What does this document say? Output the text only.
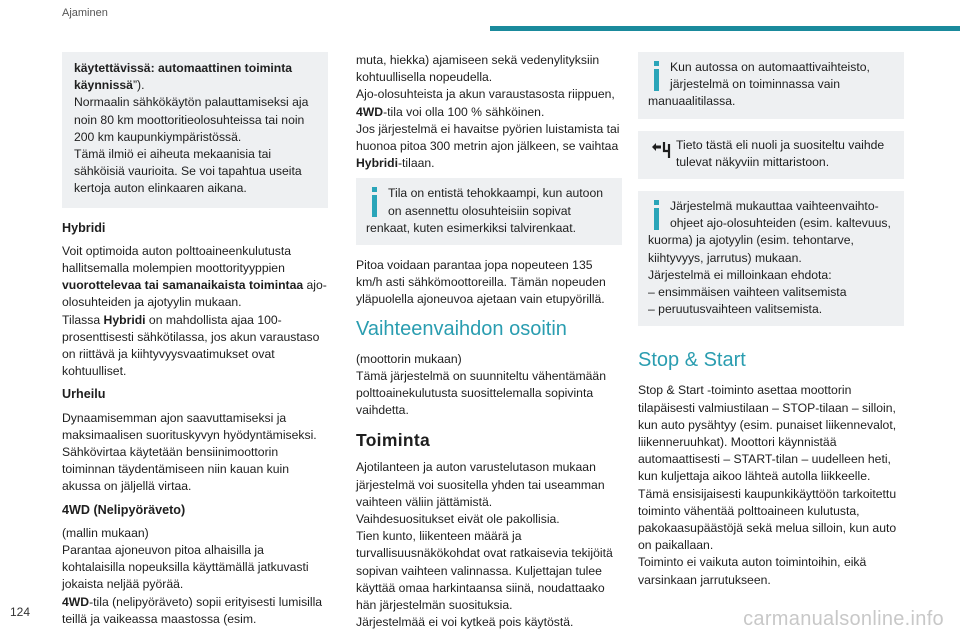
Ajaminen

käytettävissä: automaattinen toiminta käynnissä”).

Normaalin sähkökäytön palauttamiseksi aja noin 80 km moottoritieolosuhteissa tai noin 200 km kaupunkiympäristössä.

Tämä ilmiö ei aiheuta mekaanisia tai sähköisiä vaurioita. Se voi tapahtua useita kertoja auton elinkaaren aikana.

Hybridi

Voit optimoida auton polttoaineenkulutusta hallitsemalla molempien moottorityyppien vuorottelevaa tai samanaikaista toimintaa ajo-olosuhteiden ja ajotyylin mukaan.
Tilassa Hybridi on mahdollista ajaa 100-prosenttisesti sähkötilassa, jos akun varaustaso on riittävä ja kiihtyvyysvaatimukset ovat kohtuulliset.

Urheilu

Dynaamisemman ajon saavuttamiseksi ja maksimaalisen suorituskyvyn hyödyntämiseksi.
Sähkövirtaa käytetään bensiinimoottorin toiminnan täydentämiseen niin kauan kuin akussa on jäljellä virtaa.

4WD (Nelipyöräveto)

(mallin mukaan)
Parantaa ajoneuvon pitoa alhaisilla ja kohtalaisilla nopeuksilla käyttämällä jatkuvasti jokaista neljää pyörää.
4WD-tila (nelipyöräveto) sopii erityisesti lumisilla teillä ja vaikeassa maastossa (esim.

muta, hiekka) ajamiseen sekä vedenylityksiin kohtuullisella nopeudella.
Ajo-olosuhteista ja akun varaustasosta riippuen, 4WD-tila voi olla 100 % sähköinen.
Jos järjestelmä ei havaitse pyörien luistamista tai huonoa pitoa 300 metrin ajon jälkeen, se vaihtaa Hybridi-tilaan.

Tila on entistä tehokkaampi, kun autoon on asennettu olosuhteisiin sopivat

renkaat, kuten esimerkiksi talvirenkaat.

Pitoa voidaan parantaa jopa nopeuteen 135 km/h asti sähkömoottoreilla. Tämän nopeuden yläpuolella ajoneuvoa ajetaan vain etupyörillä.

Vaihteenvaihdon osoitin

(moottorin mukaan)
Tämä järjestelmä on suunniteltu vähentämään polttoainekulutusta suosittelemalla sopivinta vaihdetta.

Toiminta

Ajotilanteen ja auton varustelutason mukaan järjestelmä voi suositella yhden tai useamman vaihteen väliin jättämistä.
Vaihdesuositukset eivät ole pakollisia.
Tien kunto, liikenteen määrä ja turvallisuusnäkökohdat ovat ratkaisevia tekijöitä sopivan vaihteen valinnassa. Kuljettajan tulee käyttää omaa harkintaansa siinä, noudattaako hän järjestelmän suosituksia.
Järjestelmää ei voi kytkeä pois käytöstä.

Kun autossa on automaattivaihteisto, järjestelmä on toiminnassa vain

manuaalitilassa.

Tieto tästä eli nuoli ja suositeltu vaihde tulevat näkyviin mittaristoon.

Järjestelmä mukauttaa vaihteenvaihto-ohjeet ajo-olosuhteiden (esim. kaltevuus,

kuorma) ja ajotyylin (esim. tehontarve, kiihtyvyys, jarrutus) mukaan.

Järjestelmä ei milloinkaan ehdota:

– ensimmäisen vaihteen valitsemista

– peruutusvaihteen valitsemista.

Stop & Start

Stop & Start -toiminto asettaa moottorin tilapäisesti valmiustilaan – STOP-tilaan – silloin, kun auto pysähtyy (esim. punaiset liikennevalot, liikenneruuhkat). Moottori käynnistää automaattisesti – START-tilan – uudelleen heti, kun kuljettaja aikoo lähteä autolla liikkeelle.
Tämä ensisijaisesti kaupunkikäyttöön tarkoitettu toiminto vähentää polttoaineen kulutusta, pakokaasupäästöjä sekä melua silloin, kun auto on paikallaan.
Toiminto ei vaikuta auton toimintoihin, eikä varsinkaan jarrutukseen.

124	carmanualsonline.info
